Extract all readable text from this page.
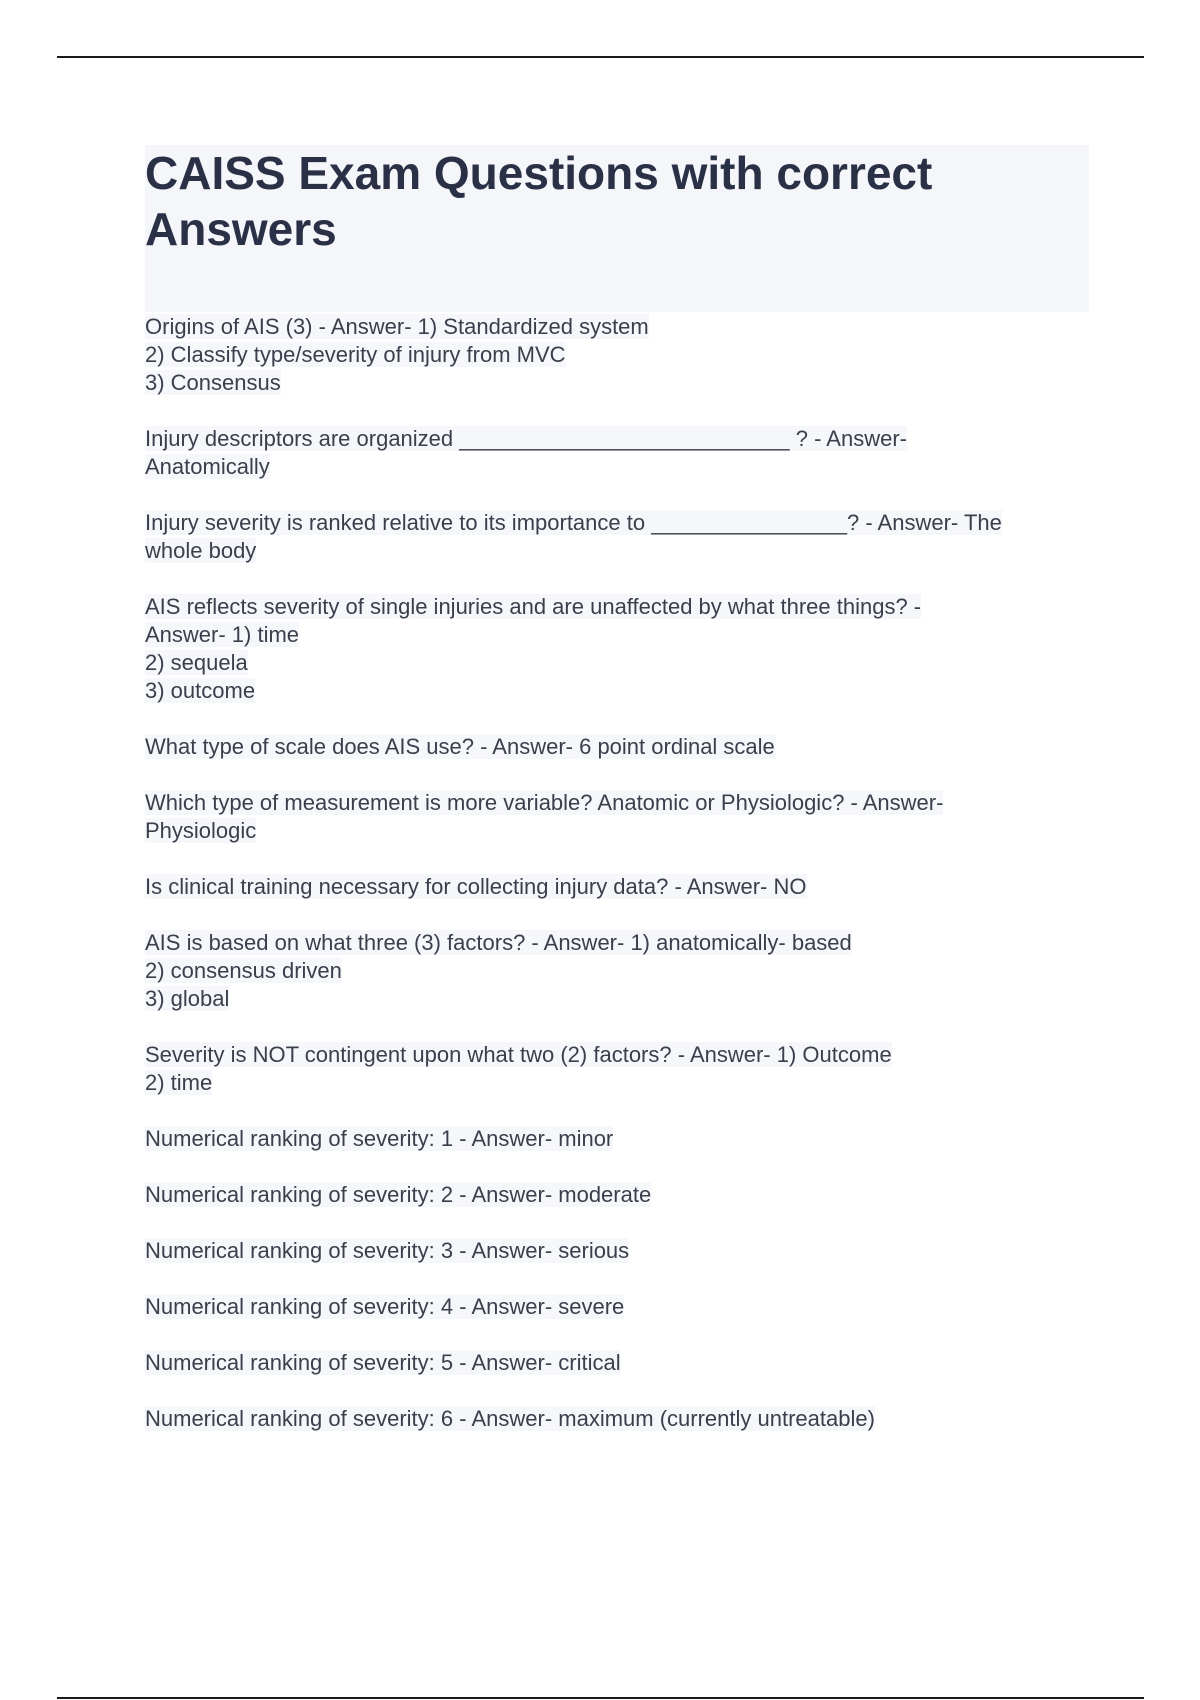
CAISS Exam Questions with correct Answers

Origins of AIS (3) - Answer- 1) Standardized system
2) Classify type/severity of injury from MVC
3) Consensus

Injury descriptors are organized ___________________________ ? - Answer-
Anatomically

Injury severity is ranked relative to its importance to ________________? - Answer- The
whole body

AIS reflects severity of single injuries and are unaffected by what three things? -
Answer- 1) time
2) sequela
3) outcome

What type of scale does AIS use? - Answer- 6 point ordinal scale

Which type of measurement is more variable? Anatomic or Physiologic? - Answer-
Physiologic

Is clinical training necessary for collecting injury data? - Answer- NO

AIS is based on what three (3) factors? - Answer- 1) anatomically- based
2) consensus driven
3) global

Severity is NOT contingent upon what two (2) factors? - Answer- 1) Outcome
2) time

Numerical ranking of severity: 1 - Answer- minor

Numerical ranking of severity: 2 - Answer- moderate

Numerical ranking of severity: 3 - Answer- serious

Numerical ranking of severity: 4 - Answer- severe

Numerical ranking of severity: 5 - Answer- critical

Numerical ranking of severity: 6 - Answer- maximum (currently untreatable)
